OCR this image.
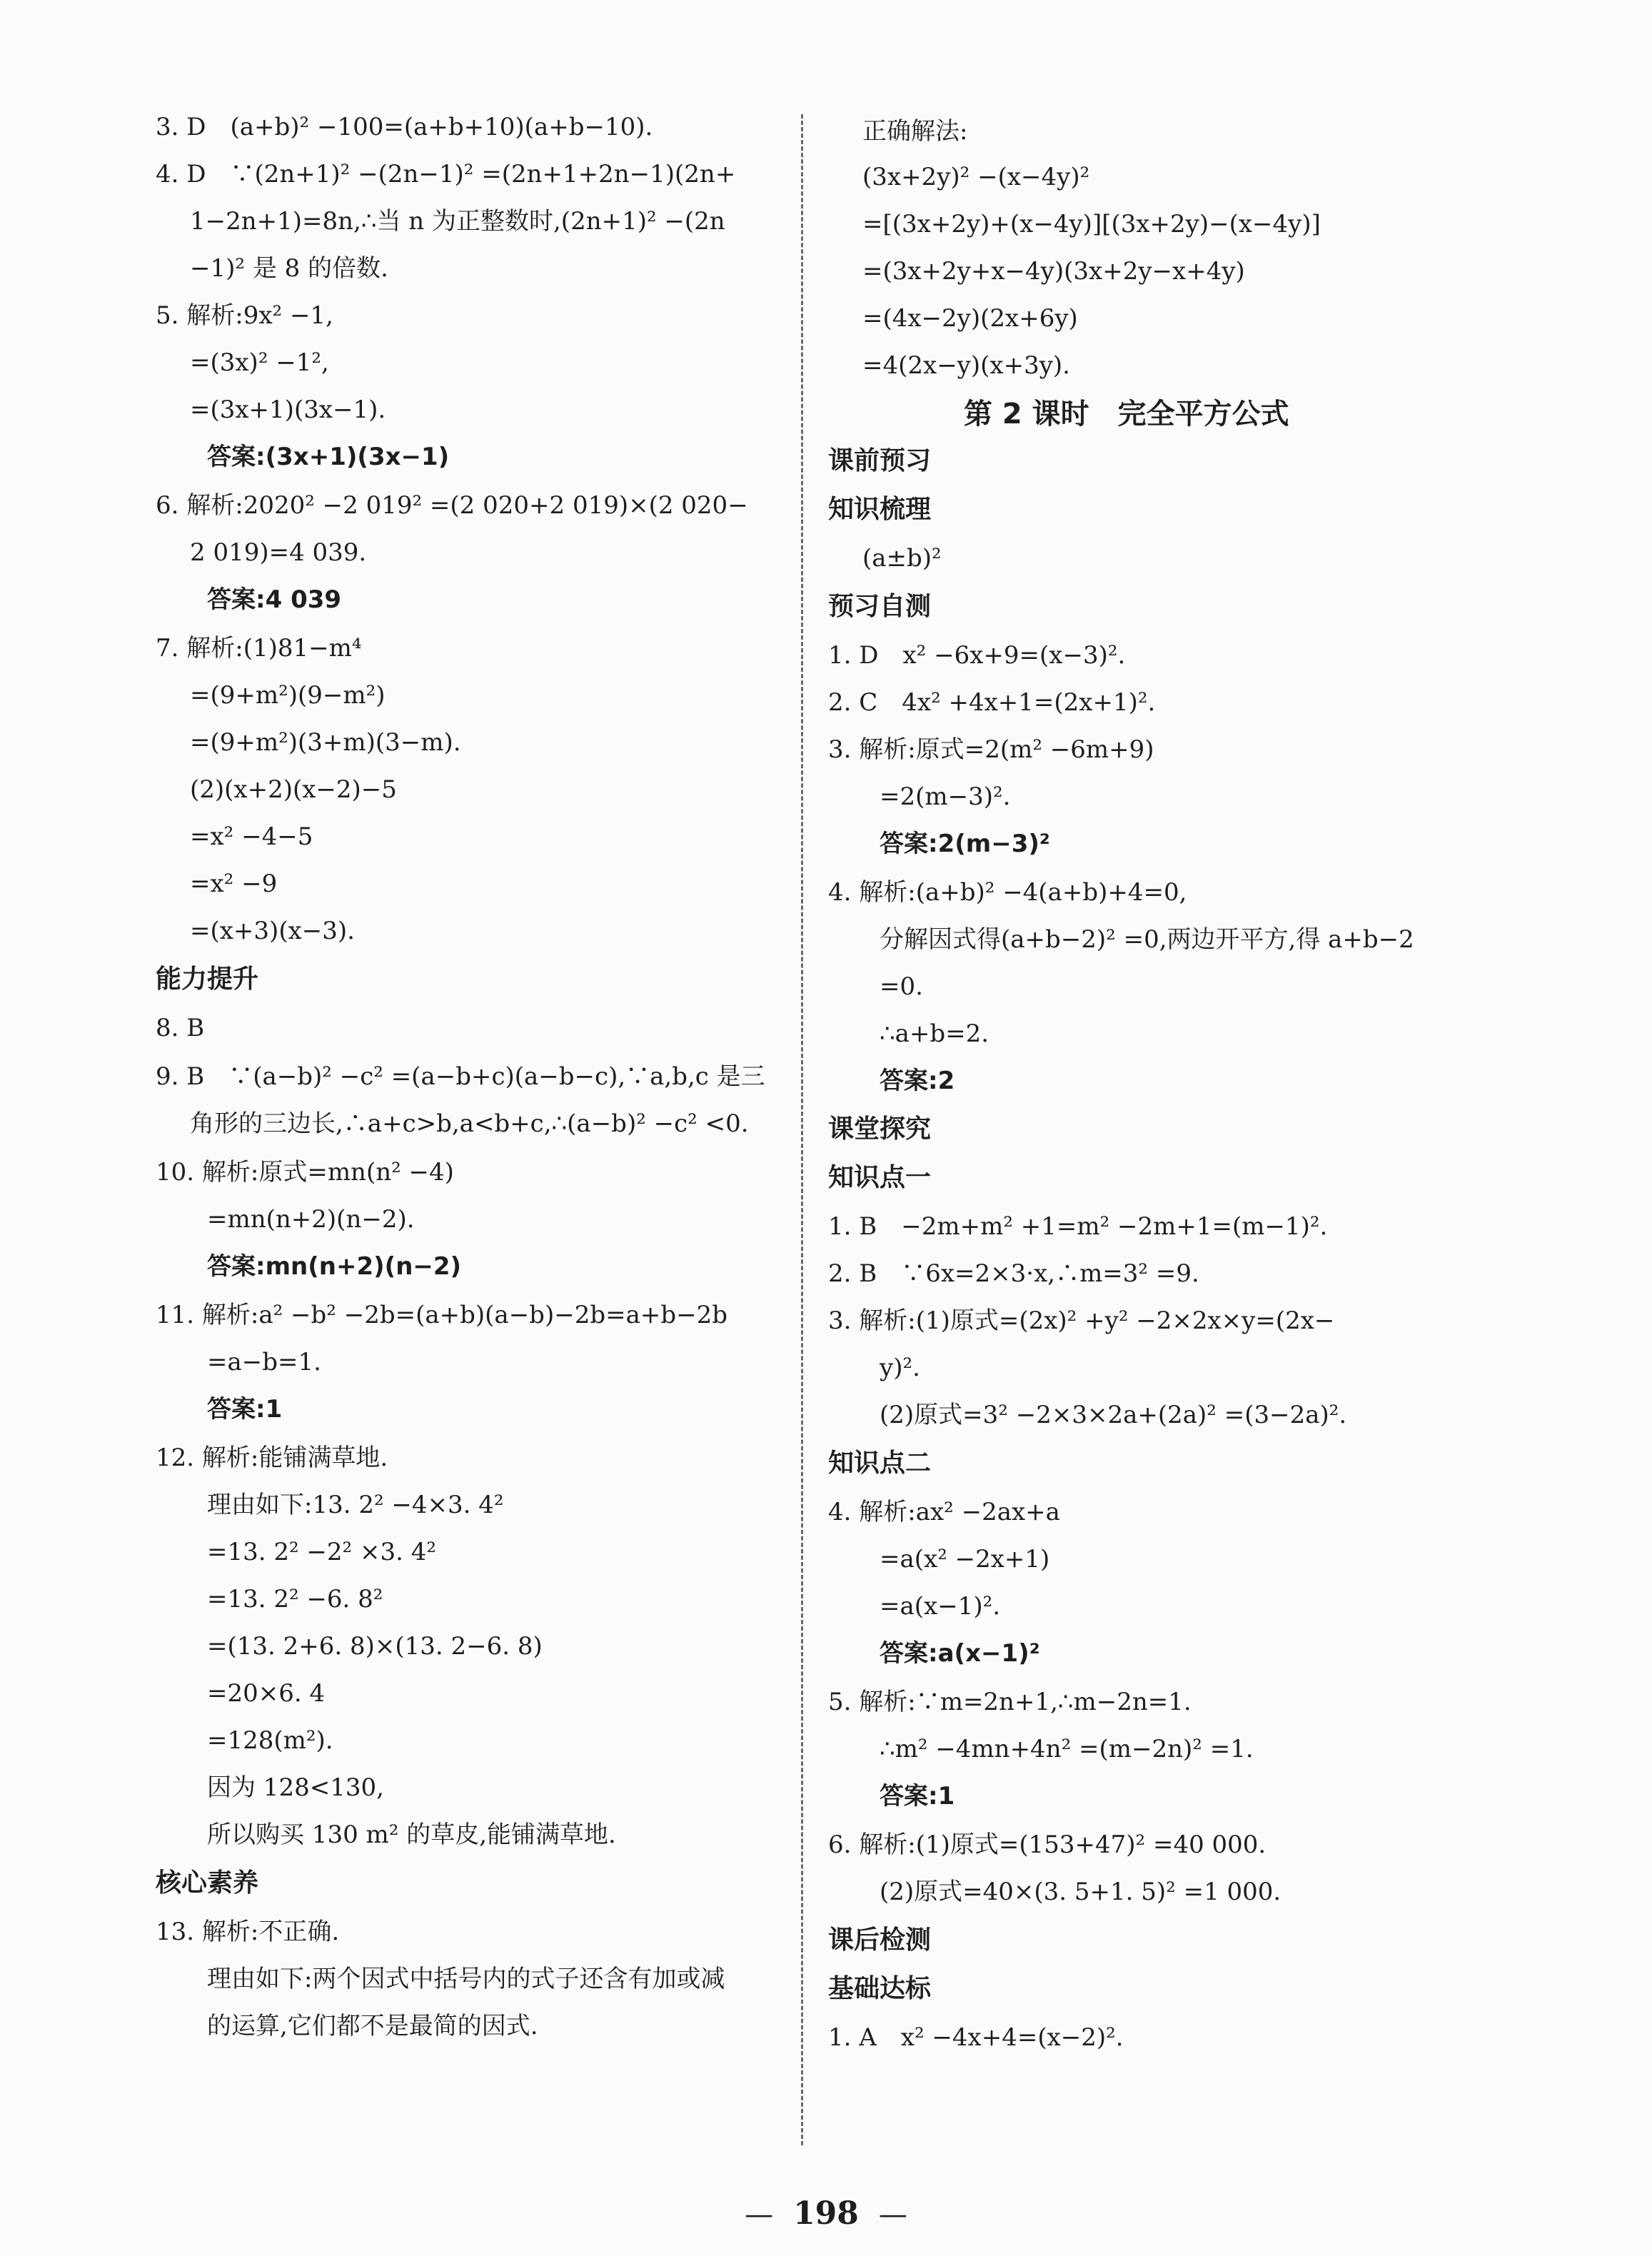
3. D　(a+b)² −100=(a+b+10)(a+b−10).
4. D　∵(2n+1)² −(2n−1)² =(2n+1+2n−1)(2n+
1−2n+1)=8n,∴当 n 为正整数时,(2n+1)² −(2n
−1)² 是 8 的倍数.
5. 解析:9x² −1,
=(3x)² −1²,
=(3x+1)(3x−1).
答案:(3x+1)(3x−1)
6. 解析:2020² −2 019² =(2 020+2 019)×(2 020−
2 019)=4 039.
答案:4 039
7. 解析:(1)81−m⁴
=(9+m²)(9−m²)
=(9+m²)(3+m)(3−m).
(2)(x+2)(x−2)−5
=x² −4−5
=x² −9
=(x+3)(x−3).
能力提升
8. B
9. B　∵(a−b)² −c² =(a−b+c)(a−b−c),∵a,b,c 是三
角形的三边长,∴a+c>b,a<b+c,∴(a−b)² −c² <0.
10. 解析:原式=mn(n² −4)
=mn(n+2)(n−2).
答案:mn(n+2)(n−2)
11. 解析:a² −b² −2b=(a+b)(a−b)−2b=a+b−2b
=a−b=1.
答案:1
12. 解析:能铺满草地.
理由如下:13. 2² −4×3. 4²
=13. 2² −2² ×3. 4²
=13. 2² −6. 8²
=(13. 2+6. 8)×(13. 2−6. 8)
=20×6. 4
=128(m²).
因为 128<130,
所以购买 130 m² 的草皮,能铺满草地.
核心素养
13. 解析:不正确.
理由如下:两个因式中括号内的式子还含有加或减
的运算,它们都不是最简的因式.
正确解法:
(3x+2y)² −(x−4y)²
=[(3x+2y)+(x−4y)][(3x+2y)−(x−4y)]
=(3x+2y+x−4y)(3x+2y−x+4y)
=(4x−2y)(2x+6y)
=4(2x−y)(x+3y).
第 2 课时　完全平方公式
课前预习
知识梳理
(a±b)²
预习自测
1. D　x² −6x+9=(x−3)².
2. C　4x² +4x+1=(2x+1)².
3. 解析:原式=2(m² −6m+9)
=2(m−3)².
答案:2(m−3)²
4. 解析:(a+b)² −4(a+b)+4=0,
分解因式得(a+b−2)² =0,两边开平方,得 a+b−2
=0.
∴a+b=2.
答案:2
课堂探究
知识点一
1. B　−2m+m² +1=m² −2m+1=(m−1)².
2. B　∵6x=2×3·x,∴m=3² =9.
3. 解析:(1)原式=(2x)² +y² −2×2x×y=(2x−
y)².
(2)原式=3² −2×3×2a+(2a)² =(3−2a)².
知识点二
4. 解析:ax² −2ax+a
=a(x² −2x+1)
=a(x−1)².
答案:a(x−1)²
5. 解析:∵m=2n+1,∴m−2n=1.
∴m² −4mn+4n² =(m−2n)² =1.
答案:1
6. 解析:(1)原式=(153+47)² =40 000.
(2)原式=40×(3. 5+1. 5)² =1 000.
课后检测
基础达标
1. A　x² −4x+4=(x−2)².
— 198 —
